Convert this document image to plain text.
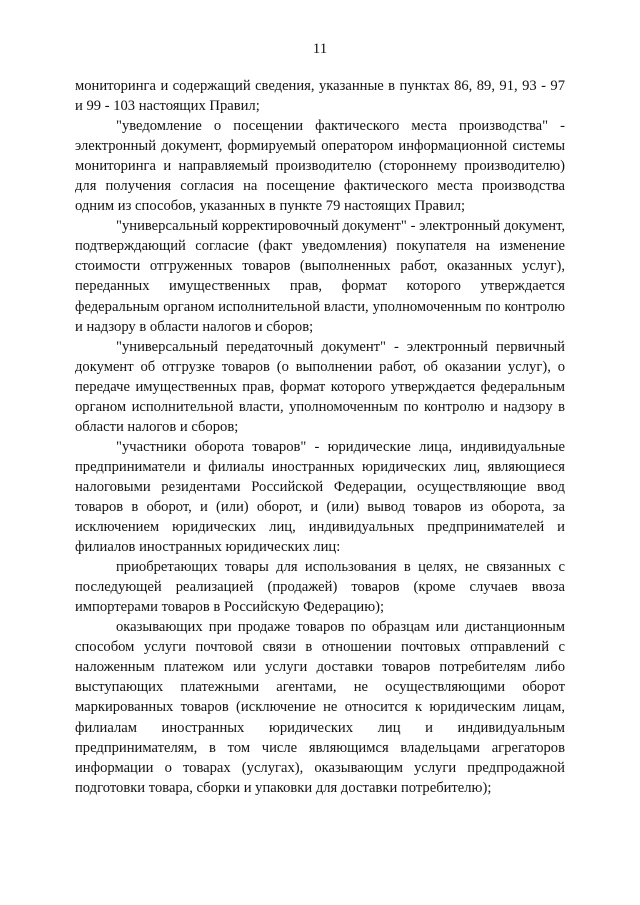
11

мониторинга и содержащий сведения, указанные в пунктах 86, 89, 91, 93 - 97 и 99 - 103 настоящих Правил;

"уведомление о посещении фактического места производства" - электронный документ, формируемый оператором информационной системы мониторинга и направляемый производителю (стороннему производителю) для получения согласия на посещение фактического места производства одним из способов, указанных в пункте 79 настоящих Правил;

"универсальный корректировочный документ" - электронный документ, подтверждающий согласие (факт уведомления) покупателя на изменение стоимости отгруженных товаров (выполненных работ, оказанных услуг), переданных имущественных прав, формат которого утверждается федеральным органом исполнительной власти, уполномоченным по контролю и надзору в области налогов и сборов;

"универсальный передаточный документ" - электронный первичный документ об отгрузке товаров (о выполнении работ, об оказании услуг), о передаче имущественных прав, формат которого утверждается федеральным органом исполнительной власти, уполномоченным по контролю и надзору в области налогов и сборов;

"участники оборота товаров" - юридические лица, индивидуальные предприниматели и филиалы иностранных юридических лиц, являющиеся налоговыми резидентами Российской Федерации, осуществляющие ввод товаров в оборот, и (или) оборот, и (или) вывод товаров из оборота, за исключением юридических лиц, индивидуальных предпринимателей и филиалов иностранных юридических лиц:

приобретающих товары для использования в целях, не связанных с последующей реализацией (продажей) товаров (кроме случаев ввоза импортерами товаров в Российскую Федерацию);

оказывающих при продаже товаров по образцам или дистанционным способом услуги почтовой связи в отношении почтовых отправлений с наложенным платежом или услуги доставки товаров потребителям либо выступающих платежными агентами, не осуществляющими оборот маркированных товаров (исключение не относится к юридическим лицам, филиалам иностранных юридических лиц и индивидуальным предпринимателям, в том числе являющимся владельцами агрегаторов информации о товарах (услугах), оказывающим услуги предпродажной подготовки товара, сборки и упаковки для доставки потребителю);
